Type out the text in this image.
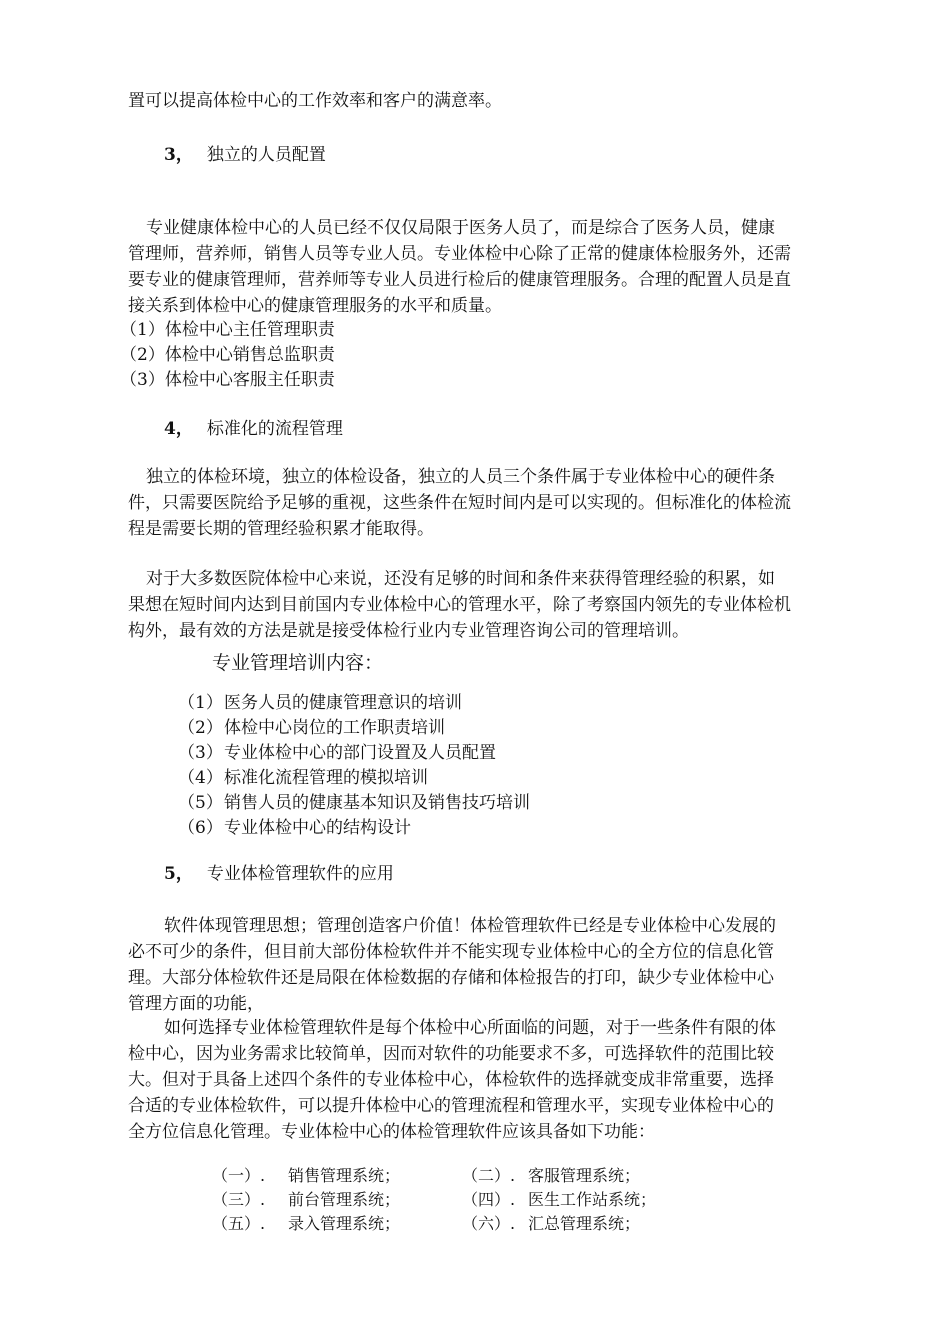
置可以提高体检中心的工作效率和客户的满意率。
3， 独立的人员配置
专业健康体检中心的人员已经不仅仅局限于医务人员了，而是综合了医务人员，健康
管理师，营养师，销售人员等专业人员。专业体检中心除了正常的健康体检服务外，还需
要专业的健康管理师，营养师等专业人员进行检后的健康管理服务。合理的配置人员是直
接关系到体检中心的健康管理服务的水平和质量。
（1）体检中心主任管理职责
（2）体检中心销售总监职责
（3）体检中心客服主任职责
4， 标准化的流程管理
独立的体检环境，独立的体检设备，独立的人员三个条件属于专业体检中心的硬件条
件，只需要医院给予足够的重视，这些条件在短时间内是可以实现的。但标准化的体检流
程是需要长期的管理经验积累才能取得。
对于大多数医院体检中心来说，还没有足够的时间和条件来获得管理经验的积累，如
果想在短时间内达到目前国内专业体检中心的管理水平，除了考察国内领先的专业体检机
构外，最有效的方法是就是接受体检行业内专业管理咨询公司的管理培训。
专业管理培训内容：
（1）医务人员的健康管理意识的培训
（2）体检中心岗位的工作职责培训
（3）专业体检中心的部门设置及人员配置
（4）标准化流程管理的模拟培训
（5）销售人员的健康基本知识及销售技巧培训
（6）专业体检中心的结构设计
5， 专业体检管理软件的应用
软件体现管理思想；管理创造客户价值！体检管理软件已经是专业体检中心发展的
必不可少的条件，但目前大部份体检软件并不能实现专业体检中心的全方位的信息化管
理。大部分体检软件还是局限在体检数据的存储和体检报告的打印，缺少专业体检中心
管理方面的功能，
如何选择专业体检管理软件是每个体检中心所面临的问题，对于一些条件有限的体
检中心，因为业务需求比较简单，因而对软件的功能要求不多，可选择软件的范围比较
大。但对于具备上述四个条件的专业体检中心，体检软件的选择就变成非常重要，选择
合适的专业体检软件，可以提升体检中心的管理流程和管理水平，实现专业体检中心的
全方位信息化管理。专业体检中心的体检管理软件应该具备如下功能：
（一）. 销售管理系统；	（二）. 客服管理系统；
（三）. 前台管理系统；	（四）. 医生工作站系统；
（五）. 录入管理系统；	（六）. 汇总管理系统；
